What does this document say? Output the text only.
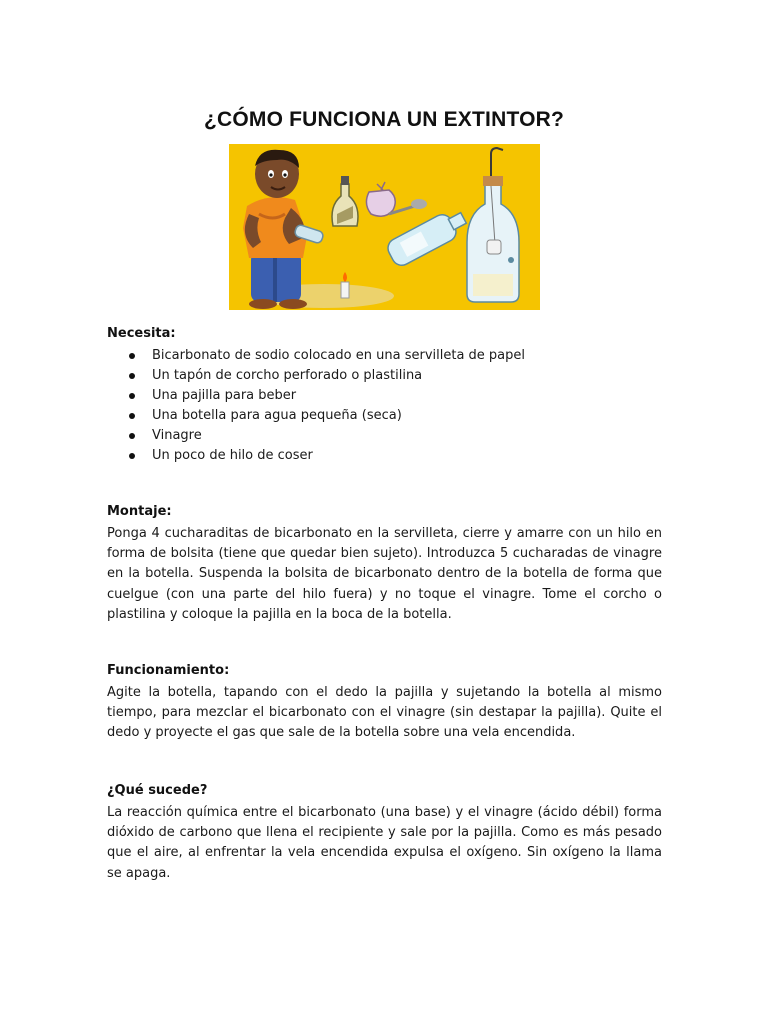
¿CÓMO FUNCIONA UN EXTINTOR?
Necesita:
Bicarbonato de sodio colocado en una servilleta de papel
Un tapón de corcho perforado o plastilina
Una pajilla para beber
Una botella para agua pequeña (seca)
Vinagre
Un poco de hilo de coser
Montaje:

Ponga 4 cucharaditas de bicarbonato en la servilleta, cierre y amarre con un hilo en forma de bolsita (tiene que quedar bien sujeto). Introduzca 5 cucharadas de vinagre en la botella. Suspenda la bolsita de bicarbonato dentro de la botella de forma que cuelgue (con una parte del hilo fuera) y no toque el vinagre. Tome el corcho o plastilina y coloque la pajilla en la boca de la botella.

Funcionamiento:

Agite la botella, tapando con el dedo la pajilla y sujetando la botella al mismo tiempo, para mezclar el bicarbonato con el vinagre (sin destapar la pajilla). Quite el dedo y proyecte el gas que sale de la botella sobre una vela encendida.

¿Qué sucede?

La reacción química entre el bicarbonato (una base) y el vinagre (ácido débil) forma dióxido de carbono que llena el recipiente y sale por la pajilla. Como es más pesado que el aire, al enfrentar la vela encendida expulsa el oxígeno. Sin oxígeno la llama se apaga.
